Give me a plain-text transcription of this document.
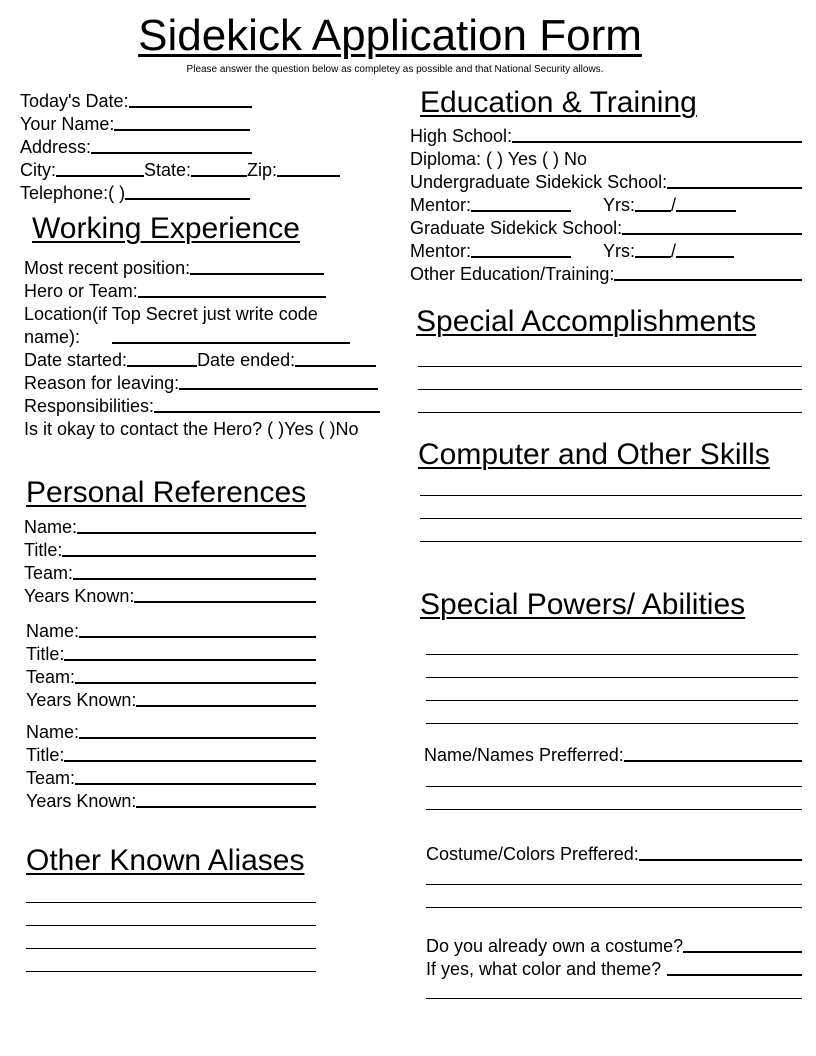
Sidekick Application Form
Please answer the question below as completey as possible and that National Security allows.
Today's Date:
Your Name:
Address:
City:	State:	Zip:
Telephone:( )
Working Experience
Most recent position:
Hero or Team:
Location(if Top Secret just write code name):
Date started:	Date ended:
Reason for leaving:
Responsibilities:
Is it okay to contact the Hero? ( )Yes ( )No
Personal References
Name:
Title:
Team:
Years Known:
Name:
Title:
Team:
Years Known:
Name:
Title:
Team:
Years Known:
Other Known Aliases
Education & Training
High School:
Diploma: ( ) Yes ( ) No
Undergraduate Sidekick School:
Mentor:	Yrs: /
Graduate Sidekick School:
Mentor:	Yrs: /
Other Education/Training:
Special Accomplishments
Computer and Other Skills
Special Powers/ Abilities
Name/Names Prefferred:
Costume/Colors Preffered:
Do you already own a costume?
If yes, what color and theme?
